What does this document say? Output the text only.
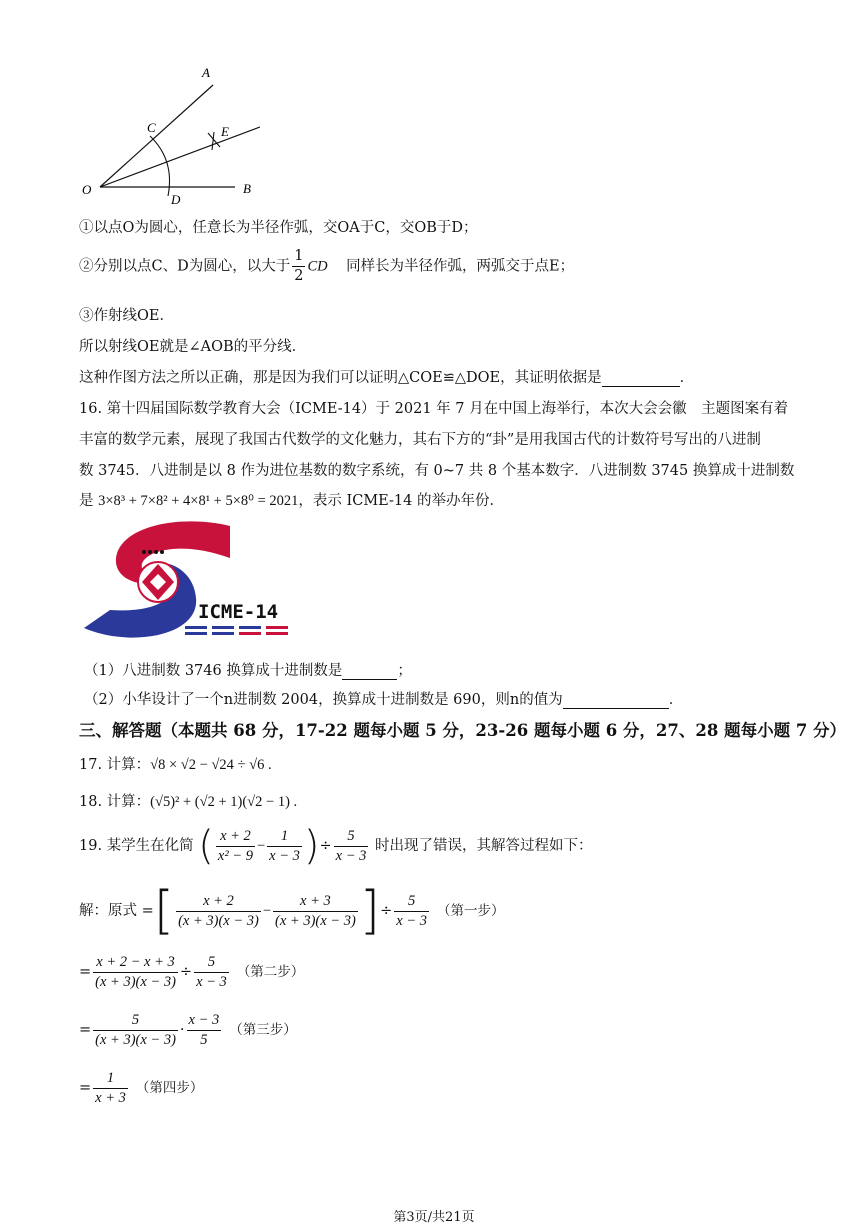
A
E
C
O
D
B
①以点O为圆心，任意长为半径作弧，交OA于C，交OB于D；
②分别以点C、D为圆心，以大于 $\frac{1}{2}$ CD 同样长为半径作弧，两弧交于点E；
③作射线OE．
所以射线OE就是∠AOB的平分线．
这种作图方法之所以正确，那是因为我们可以证明△COE≌△DOE，其证明依据是	．
16. 第十四届国际数学教育大会（ICME-14）于 2021 年 7 月在中国上海举行，本次大会会徽　主题图案有着
丰富的数学元素，展现了我国古代数学的文化魅力，其右下方的“卦”是用我国古代的计数符号写出的八进制
数 3745．八进制是以 8 作为进位基数的数字系统，有 0~7 共 8 个基本数字．八进制数 3745 换算成十进制数
是 3×8³ + 7×8² + 4×8¹ + 5×8⁰ = 2021，表示 ICME-14 的举办年份．
ICME-14
（1）八进制数 3746 换算成十进制数是	；
（2）小华设计了一个n进制数 2004，换算成十进制数是 690，则n的值为	．
三、解答题（本题共 68 分，17-22 题每小题 5 分，23-26 题每小题 6 分，27、28 题每小题 7 分）
17. 计算：√8 × √2 − √24 ÷ √6 .
18. 计算：(√5)² + (√2 + 1)(√2 − 1) .
19. 某学生在化简 ( $\frac{x + 2}{\text{x² − 9}} - \frac{1}{x - 3}$ )÷ $\frac{5}{x - 3}$ 时出现了错误，其解答过程如下：
解：原式 =[ $\frac{x + 2}{(x + 3)(x - 3)} - \frac{x + 3}{(x + 3)(x - 3)}$ ]÷ $\frac{5}{x - 3}$ （第一步）
= $\frac{x + 2 - x + 3}{(x + 3)(x - 3)} \div \frac{5}{x - 3}$ （第二步）
= $\frac{5}{(x + 3)(x - 3)} \cdot \frac{x - 3}{5}$ （第三步）
= $\frac{1}{x + 3}$ （第四步）
第3页/共21页
